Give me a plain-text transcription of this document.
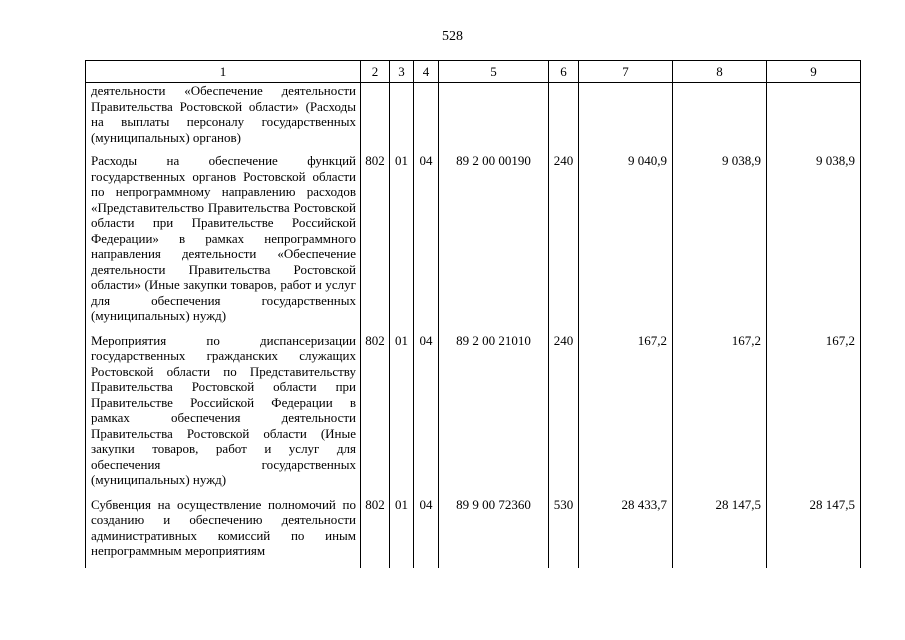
528
1	2	3	4	5	6	7	8	9
деятельности «Обеспечение деятельности Правительства Ростовской области» (Расходы на выплаты персоналу государственных (муниципальных) органов)								
Расходы на обеспечение функций государственных органов Ростовской области по непрограммному направлению расходов «Представительство Правительства Ростовской области при Правительстве Российской Федерации» в рамках непрограммного направления деятельности «Обеспечение деятельности Правительства Ростовской области» (Иные закупки товаров, работ и услуг для обеспечения государственных (муниципальных) нужд)	802	01	04	89 2 00 00190	240	9 040,9	9 038,9	9 038,9
Мероприятия по диспансеризации государственных гражданских служащих Ростовской области по Представительству Правительства Ростовской области при Правительстве Российской Федерации в рамках обеспечения деятельности Правительства Ростовской области (Иные закупки товаров, работ и услуг для обеспечения государственных (муниципальных) нужд)	802	01	04	89 2 00 21010	240	167,2	167,2	167,2
Субвенция на осуществление полномочий по созданию и обеспечению деятельности административных комиссий по иным непрограммным мероприятиям	802	01	04	89 9 00 72360	530	28 433,7	28 147,5	28 147,5
